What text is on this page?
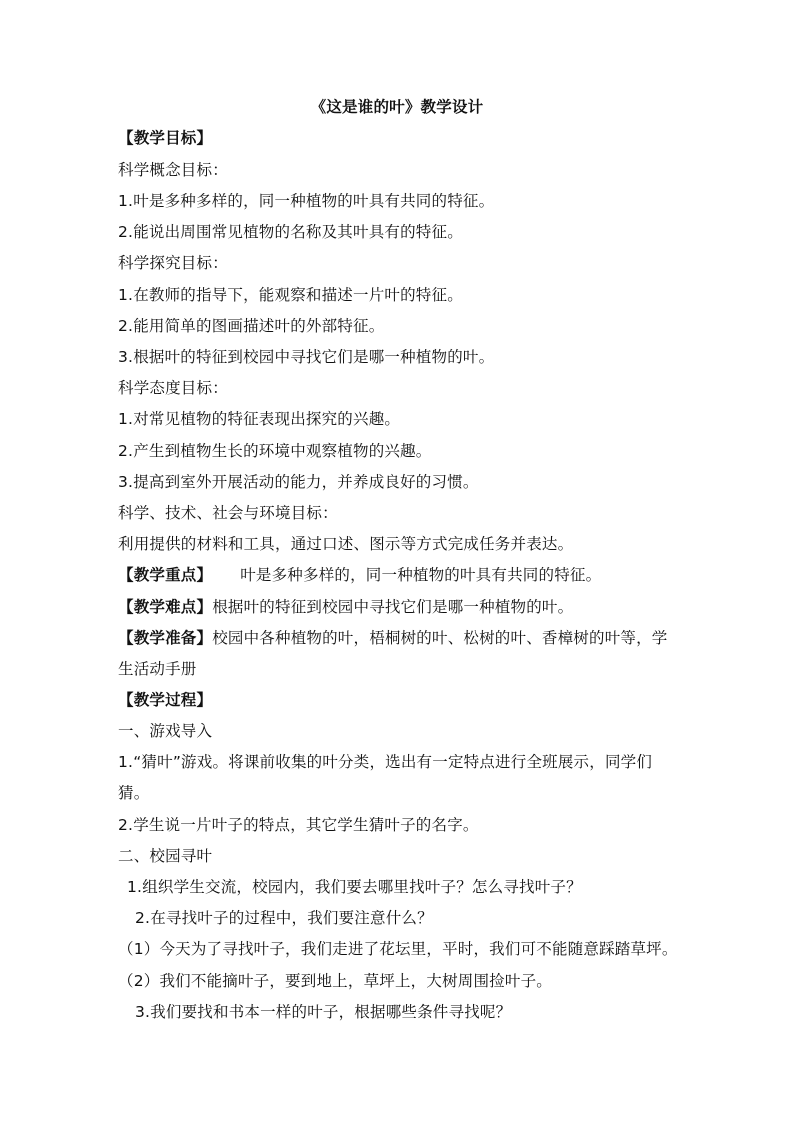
《这是谁的叶》教学设计
【教学目标】
科学概念目标：
1.叶是多种多样的，同一种植物的叶具有共同的特征。
2.能说出周围常见植物的名称及其叶具有的特征。
科学探究目标：
1.在教师的指导下，能观察和描述一片叶的特征。
2.能用简单的图画描述叶的外部特征。
3.根据叶的特征到校园中寻找它们是哪一种植物的叶。
科学态度目标：
1.对常见植物的特征表现出探究的兴趣。
2.产生到植物生长的环境中观察植物的兴趣。
3.提高到室外开展活动的能力，并养成良好的习惯。
科学、技术、社会与环境目标：
利用提供的材料和工具，通过口述、图示等方式完成任务并表达。
【教学重点】 叶是多种多样的，同一种植物的叶具有共同的特征。
【教学难点】根据叶的特征到校园中寻找它们是哪一种植物的叶。
【教学准备】校园中各种植物的叶，梧桐树的叶、松树的叶、香樟树的叶等，学
生活动手册
【教学过程】
一、游戏导入
1.“猜叶”游戏。将课前收集的叶分类，选出有一定特点进行全班展示，同学们
猜。
2.学生说一片叶子的特点，其它学生猜叶子的名字。
二、校园寻叶
1.组织学生交流，校园内，我们要去哪里找叶子？怎么寻找叶子？
2.在寻找叶子的过程中，我们要注意什么？
（1）今天为了寻找叶子，我们走进了花坛里，平时，我们可不能随意踩踏草坪。
（2）我们不能摘叶子，要到地上，草坪上，大树周围捡叶子。
3.我们要找和书本一样的叶子，根据哪些条件寻找呢？
